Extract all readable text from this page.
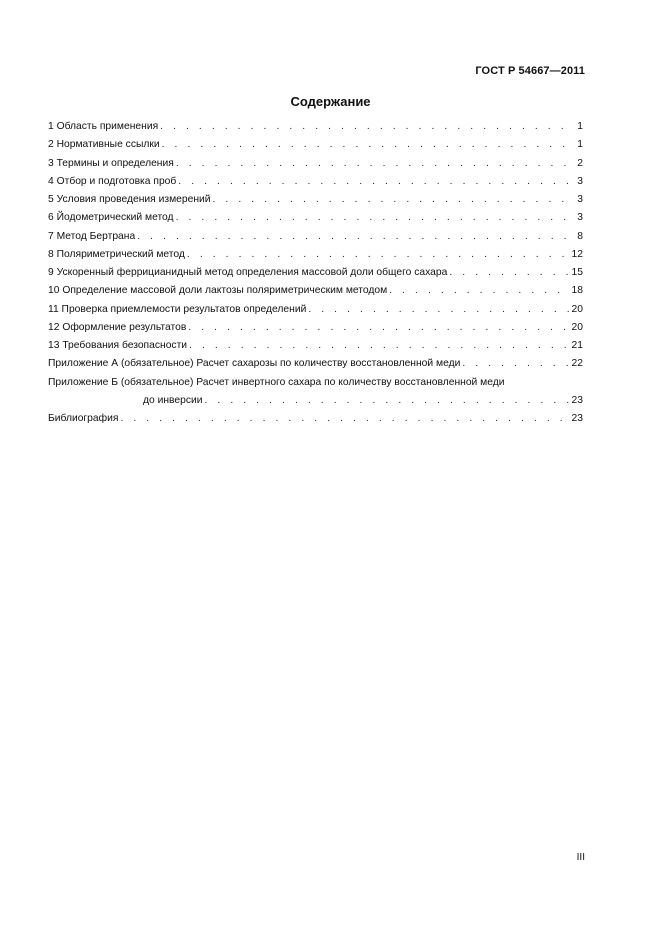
ГОСТ Р 54667—2011
Содержание
1 Область применения . . .	1
2 Нормативные ссылки . . .	1
3 Термины и определения . . .	2
4 Отбор и подготовка проб . . .	3
5 Условия проведения измерений . . .	3
6 Йодометрический метод . . .	3
7 Метод Бертрана . . .	8
8 Поляриметрический метод . . .	12
9 Ускоренный феррицианидный метод определения массовой доли общего сахара . . .	15
10 Определение массовой доли лактозы поляриметрическим методом . . .	18
11 Проверка приемлемости результатов определений . . .	20
12 Оформление результатов . . .	20
13 Требования безопасности . . .	21
Приложение А (обязательное) Расчет сахарозы по количеству восстановленной меди . . .	22
Приложение Б (обязательное) Расчет инвертного сахара по количеству восстановленной меди
до инверсии . . .	23
Библиография . . .	23
III
